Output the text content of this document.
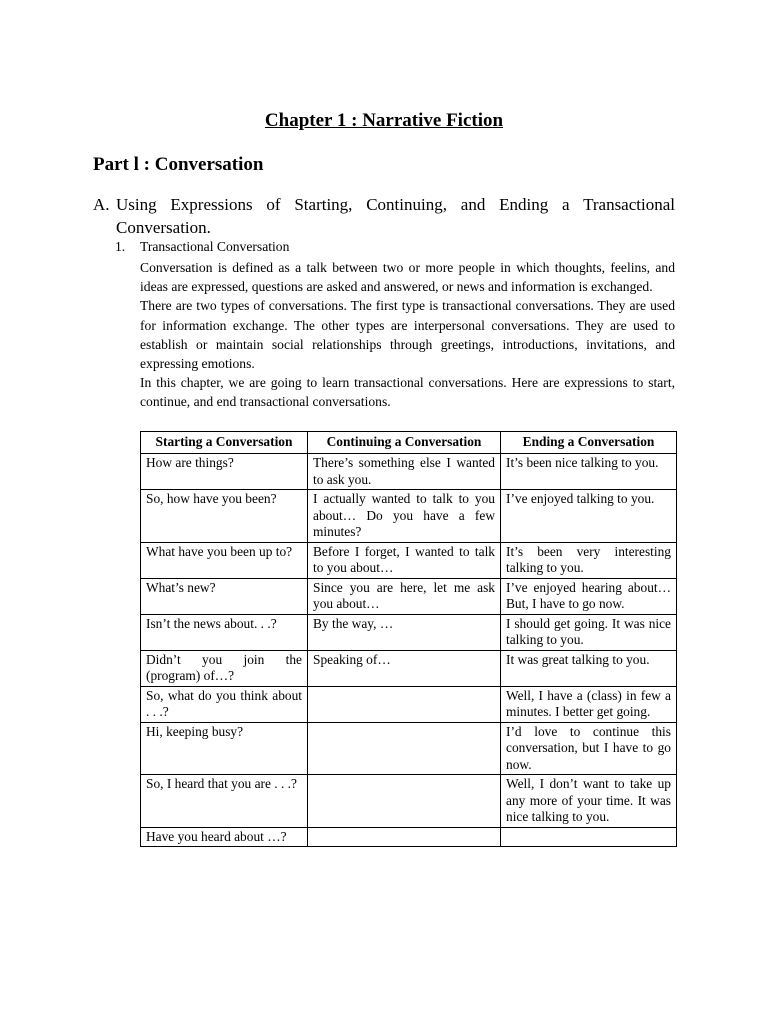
Chapter 1 : Narrative Fiction
Part l : Conversation
A. Using Expressions of Starting, Continuing, and Ending a Transactional Conversation.
1. Transactional Conversation

Conversation is defined as a talk between two or more people in which thoughts, feelins, and ideas are expressed, questions are asked and answered, or news and information is exchanged.

There are two types of conversations. The first type is transactional conversations. They are used for information exchange. The other types are interpersonal conversations. They are used to establish or maintain social relationships through greetings, introductions, invitations, and expressing emotions.

In this chapter, we are going to learn transactional conversations. Here are expressions to start, continue, and end transactional conversations.

Starting a Conversation	Continuing a Conversation	Ending a Conversation
How are things?	There’s something else I wanted to ask you.	It’s been nice talking to you.
So, how have you been?	I actually wanted to talk to you about… Do you have a few minutes?	I’ve enjoyed talking to you.
What have you been up to?	Before I forget, I wanted to talk to you about…	It’s been very interesting talking to you.
What’s new?	Since you are here, let me ask you about…	I’ve enjoyed hearing about… But, I have to go now.
Isn’t the news about. . .?	By the way, …	I should get going. It was nice talking to you.
Didn’t you join the (program) of…?	Speaking of…	It was great talking to you.
So, what do you think about . . .?		Well, I have a (class) in few a minutes. I better get going.
Hi, keeping busy?		I’d love to continue this conversation, but I have to go now.
So, I heard that you are . . .?		Well, I don’t want to take up any more of your time. It was nice talking to you.
Have you heard about …?		
